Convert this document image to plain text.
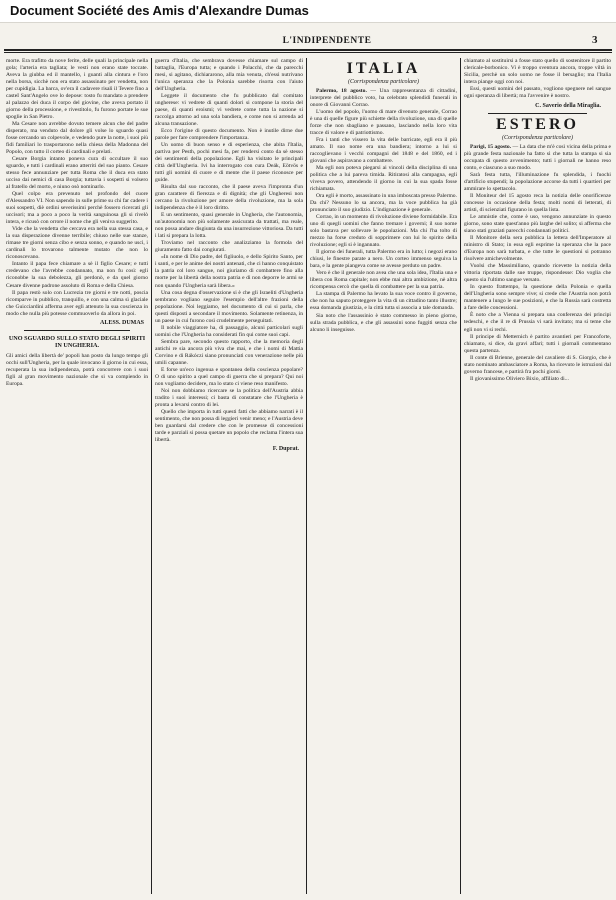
Document Société des Amis d'Alexandre Dumas
L'INDIPENDENTE	3

morte. Era trafitto da nove ferite, delle quali la principale nella gola; l'arteria era tagliata; le vesti non erano state toccate. Aveva la giubba ed il mantello, i guanti alla cintura e l'oro nella borsa, sicchè non era stato assassinato per vendetta, non per cupidigia. La barca, ov'era il cadavere risalì il Tevere fino a casteI Sant'Angelo ove lo depose: tosto fu mandato a prendere al palazzo dei duca il corpo del giovine, che aveva portato il giorno della processione, e rivestitolo, fu furono portate le sue spoglie in San Pietro.

Ma Cesare non avrebbe dovuto temere alcun che del padre disperato, ma venduto dal dolore gli volse lo sguardo quasi fosse cercando un colpevole, e vedendo pure la notte, i suoi più fidi familiari lo trasportarono nella chiesa della Madonna del Popolo, con tutto il corteo di cardinali e prelati.

Cesare Borgia intanto poneva cura di occultare il suo sguardo, e tutti i cardinali erano atterriti del suo pianto. Cesare stesso fece annunziare per tutta Roma che il duca era stato ucciso dai nemici di casa Borgia; tuttavia i sospetti si volsero al fratello del morto, e niuno osò nominarlo.

Quel colpo era prevenuto nel profondo del cuore d'Alessandro VI. Non sapendo in sulle prime su chi far cadere i suoi sospetti, diè ordini severissimi perchè fossero ricercati gli uccisori; ma a poco a poco la verità sanguinosa gli si rivelò intera, e ricusò con orrore il nome che gli veniva suggerito.

Vide che la vendetta che cercava era nella sua stessa casa, e la sua disperazione divenne terribile; chiuso nelle sue stanze, rimase tre giorni senza cibo e senza sonno, e quando ne uscì, i cardinali lo trovarono talmente mutato che non lo riconoscevano.

Intanto il papa fece chiamare a sè il figlio Cesare; e tutti credevano che l'avrebbe condannato, ma non fu così: egli riconobbe la sua debolezza, gli perdonò, e da quel giorno Cesare divenne padrone assoluto di Roma e della Chiesa.

Il papa restò solo con Lucrezia tre giorni e tre notti, poscia ricomparve in pubblico, tranquillo, e con una calma sì glaciale che Guicciardini afferma aver egli attenuto la sua coscienza in modo che nulla più potesse commuoverlo da allora in poi.

ALESS. DUMAS
UNO SGUARDO SULLO STATO DEGLI SPIRITI IN UNGHERIA.

Gli amici della libertà de' popoli han posto da lungo tempo gli occhi sull'Ungheria, per la quale invocano il giorno in cui essa, recuperata la sua indipendenza, potrà concorrere con i suoi figli al gran movimento nazionale che si va compiendo in Europa.

guerra d'Italia, che sembrava dovesse chiamare sul campo di battaglia, l'Europa tutta; e quando i Polacchi, che da parecchi mesi, si agitano, dichiararono, alla mia venuta, ch'essi nutrivano l'unica speranza che la Polonia sarebbe risorta con l'aiuto dell'Ungheria.

Leggete il documento che fu pubblicato dal comitato ungherese: vi vedrete di quanti dolori si compone la storia del paese, di quanti eroismi; vi vedrete come tutta la nazione si raccolga attorno ad una sola bandiera, e come non si arrenda ad alcuna transazione.

Ecco l'origine di questo documento. Non è inutile dirne due parole per fare comprendere l'importanza.

Un uomo di buon senso e di esperienza, che abita l'Italia, partiva per Pesth, pochi mesi fa, per rendersi conto da sè stesso dei sentimenti della popolazione. Egli ha visitato le principali città dell'Ungheria. Ivi ha interrogato con cura Deák, Eötvös e tutti gli uomini di cuore e di mente che il paese riconosce per guide.

Risulta dal suo racconto, che il paese aveva l'impronta d'un gran carattere di fierezza e di dignità; che gli Ungheresi non cercano la rivoluzione per amore della rivoluzione, ma la sola indipendenza che è il loro diritto.

E un sentimento, quasi generale in Ungheria, che l'autonomia, un'autonomia non più solamente assicurata da trattati, ma reale, non possa andare disgiunta da una insurrezione vittoriosa. Da tutti i lati si prepara la lotta.

Troviamo nel racconto che analizziamo la formola del giuramento fatto dai congiurati.

«In nome di Dio padre, del figliuolo, e dello Spirito Santo, per i santi, e per le anime dei nostri antenati, che ci hanno conquistato la patria col loro sangue, noi giuriamo di combattere fino alla morte per la libertà della nostra patria e di non deporre le armi se non quando l'Ungheria sarà libera.»

Una cosa degna d'osservazione si è che gli Israeliti d'Ungheria sembrano vogliano seguire l'esempio dell'altre frazioni della popolazione. Noi leggiamo, nel documento di cui si parla, che questi disposti a secondare il movimento. Solamente retinenza, in un paese in cui furono così crudelmente perseguitati.

Il nobile viaggiatore ha, di passaggio, alcuni particolari sugli uomini che l'Ungheria ha considerati fin qui come suoi capi.

Sembra pare, secondo questo rapporto, che la memoria degli antichi re sia ancora più viva che mai, e che i nomi di Mattia Corvino e di Rákóczi siano pronunciati con venerazione nelle più umili capanne.

E forse un'eco ingenua e spontanea della coscienza popolare? O di uno spirito a quel campo di guerra che si prepara? Qui noi non vogliamo decidere, ma lo stato ci viene reso manifesto.

Noi non dobbiamo ricercare se la politica dell'Austria abbia tradito i suoi interessi; ci basta di constatare che l'Ungheria è pronta a levarsi contro di lei.

Quello che importa in tutti questi fatti che abbiamo narrati è il sentimento, che non possa di leggieri venir meno; e l'Austria deve ben guardarsi dal credere che con le promesse di concessioni tarde e parziali si possa quetare un popolo che reclama l'intera sua libertà.

F. Duprat.
ITALIA
(Corrispondenza particolare)

Palermo, 18 agosto. — Una rappresentanza di cittadini, interprete del pubblico voto, ha celebrato splendidi funerali in onore di Giovanni Corrao.

L'uomo del popolo, l'uomo di mare divenuto generale, Corrao è una di quelle figure più schiette della rivoluzione, una di quelle forze che non sbagliano e passano, lasciando nella loro vita tracce di valore e di patriottismo.

Fra i tanti che vissero la vita delle barricate, egli era il più amato. Il suo nome era una bandiera; intorno a lui si raccoglievano i vecchi compagni del 1848 e del 1860, ed i giovani che aspiravano a combattere.

Ma egli non poteva piegarsi ai vincoli della disciplina di una politica che a lui pareva timida. Ritiratosi alla campagna, egli viveva povero, attendendo il giorno in cui la sua spada fosse richiamata.

Ora egli è morto, assassinato in una imboscata presso Palermo. Da chi? Nessuno lo sa ancora, ma la voce pubblica ha già pronunciato il suo giudizio. L'indignazione è generale.

Corrao, in un momento di rivoluzione diviene formidabile. Era uno di quegli uomini che fanno tremare i governi; il suo nome solo bastava per sollevare le popolazioni. Ma chi l'ha tolto di mezzo ha forse creduto di sopprimere con lui lo spirito della rivoluzione; egli si è ingannato.

Il giorno dei funerali, tutta Palermo era in lutto; i negozi erano chiusi, le finestre parate a nero. Un corteo immenso seguiva la bara, e la gente piangeva come se avesse perduto un padre.

Vero è che il generale non avea che una sola idea, l'Italia una e libera con Roma capitale; non ebbe mai altra ambizione, nè altra ricompensa cercò che quella di combattere per la sua patria.

La stampa di Palermo ha levato la sua voce contro il governo, che non ha saputo proteggere la vita di un cittadino tanto illustre; essa domanda giustizia, e la città tutta si associa a tale domanda.

Sia noto che l'assassinio è stato commesso in pieno giorno, sulla strada pubblica, e che gli assassini sono fuggiti senza che alcuno li inseguisse.

chiamato al sostituirsi a fosse stato quello di sostenitore il partito clericale-borbonico. Vi è troppo sventura ancora, troppe viltà in Sicilia, perchè un solo uomo ne fosse il bersaglio; ma l'Italia intera piange oggi con noi.

Essi, questi uomini del passato, vogliono spegnere nel sangue ogni speranza di libertà; ma l'avvenire è nostro.

C. Saverio della Miraglia.
ESTERO
(Corrispondenza particolare)

Parigi, 15 agosto. — La data che m'è così vicina della prima e più grande festa nazionale ha fatto sì che tutta la stampa si sia occupata di questo avvenimento; tutti i giornali ne hanno reso conto, e ciascuno a suo modo.

Sarà festa tutta, l'illuminazione fu splendida, i fuochi d'artificio stupendi; la popolazione accorse da tutti i quartieri per ammirare lo spettacolo.

Il Moniteur del 15 agosto reca la notizia delle onorificenze concesse in occasione della festa; molti nomi di letterati, di artisti, di scienziati figurano in quella lista.

Le amnistie che, come è uso, vengono annunziate in questo giorno, sono state quest'anno più larghe del solito; si afferma che siano stati graziati parecchi condannati politici.

Il Monitore della sera pubblica la lettera dell'Imperatore al ministro di Stato; in essa egli esprime la speranza che la pace d'Europa non sarà turbata, e che tutte le questioni si potranno risolvere amichevolmente.

Vuolsi che Massimiliano, quando ricevette la notizia della vittoria riportata dalle sue truppe, rispondesse: Dio voglia che questo sia l'ultimo sangue versato.

In questo frattempo, la questione della Polonia e quella dell'Ungheria sono sempre vive; si crede che l'Austria non potrà mantenere a lungo le sue posizioni, e che la Russia sarà costretta a fare delle concessioni.

È noto che a Vienna si prepara una conferenza dei principi tedeschi, e che il re di Prussia vi sarà invitato; ma si teme che egli non vi si rechi.

Il principe di Metternich è partito avantieri per Francoforte, chiamato, si dice, da gravi affari; tutti i giornali commentano questa partenza.

Il conte di Brienne, generale del cavaliere di S. Giorgio, che è stato nominato ambasciatore a Roma, ha ricevuto le istruzioni dal governo francese, e partirà fra pochi giorni.

Il giovanissimo Oliviero Bixio, affiliato di...
